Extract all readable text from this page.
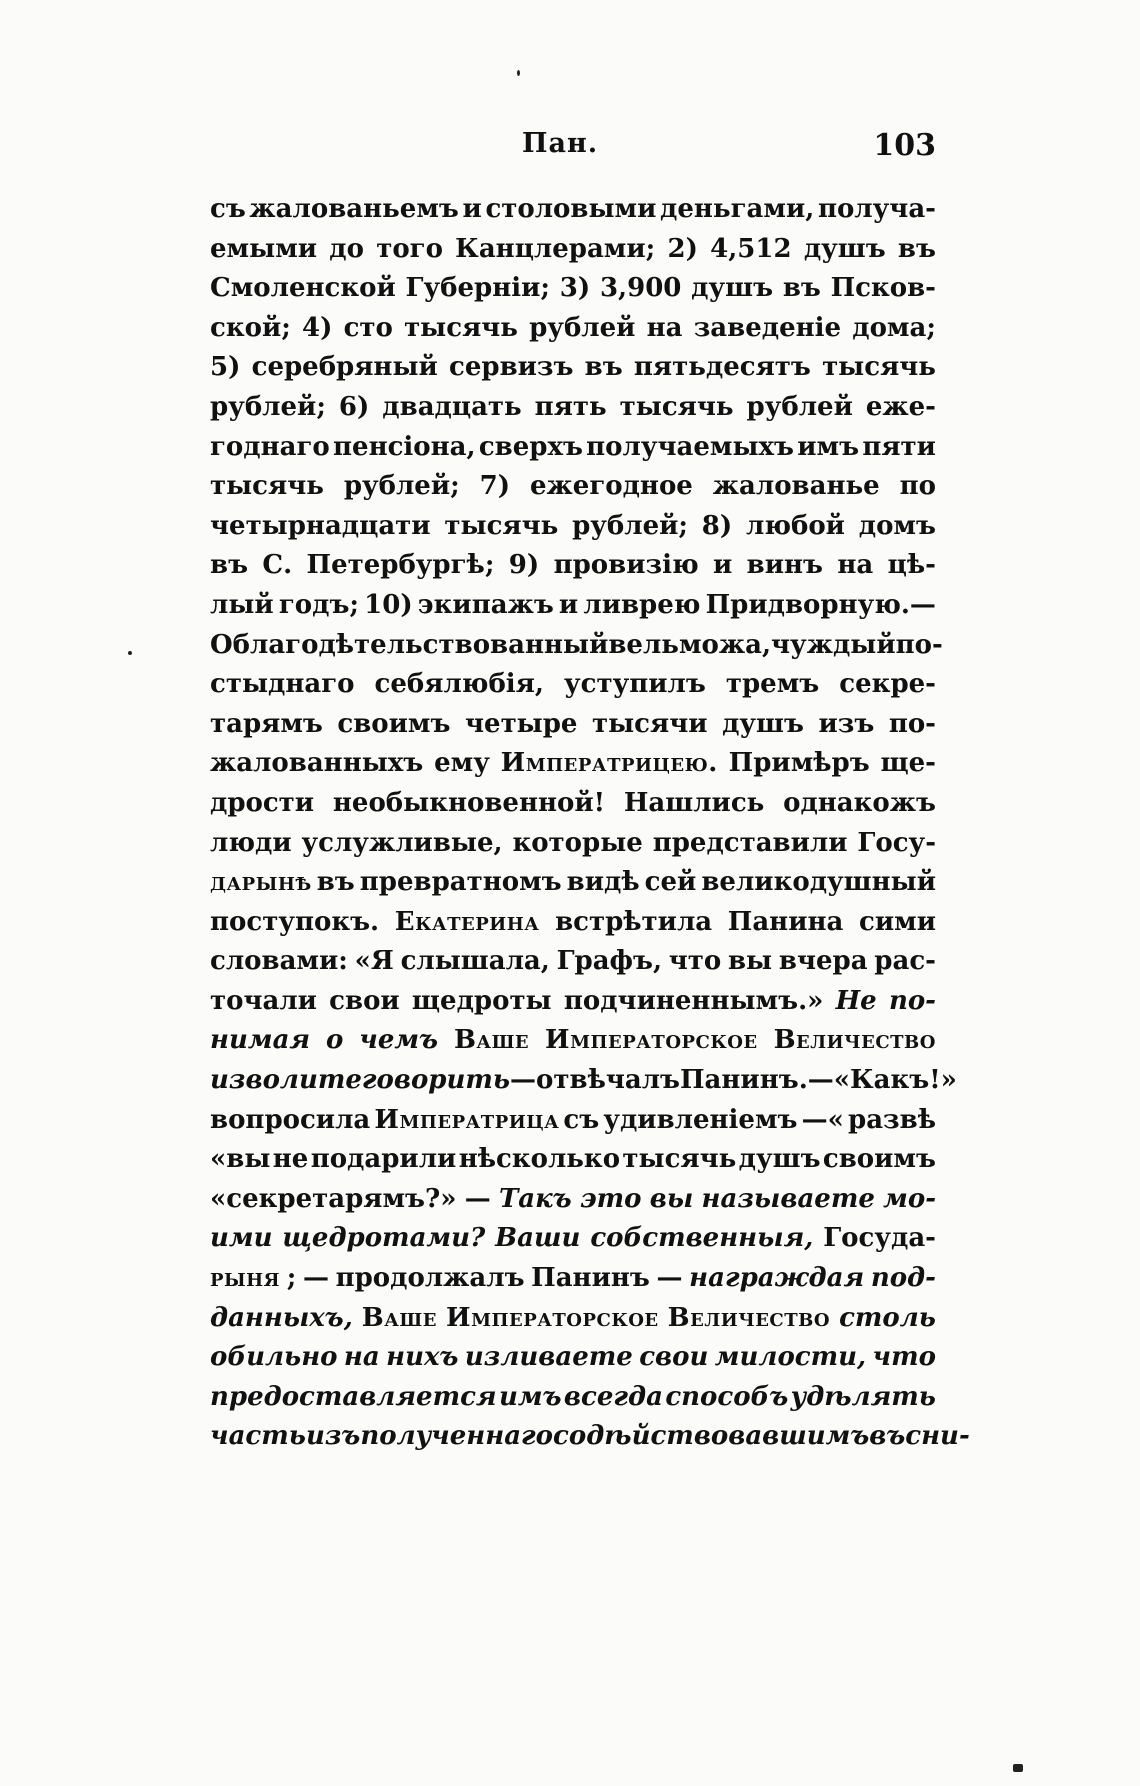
Пан.	103
съ жалованьемъ и столовыми деньгами, получа-
емыми до того Канцлерами; 2) 4,512 душъ въ
Смоленской Губерніи; 3) 3,900 душъ въ Псков-
ской; 4) сто тысячь рублей на заведеніе дома;
5) серебряный сервизъ въ пятьдесятъ тысячь
рублей; 6) двадцать пять тысячь рублей еже-
годнаго пенсіона, сверхъ получаемыхъ имъ пяти
тысячь рублей; 7) ежегодное жалованье по
четырнадцати тысячь рублей; 8) любой домъ
въ С. Петербургѣ; 9) провизію и винъ на цѣ-
лый годъ; 10) экипажъ и ливрею Придворную.—
Облагодѣтельствованный вельможа, чуждый по-
стыднаго себялюбія, уступилъ тремъ секре-
тарямъ своимъ четыре тысячи душъ изъ по-
жалованныхъ ему Императрицею. Примѣръ ще-
дрости необыкновенной! Нашлись однакожъ
люди услужливые, которые представили Госу-
дарынѣ въ превратномъ видѣ сей великодушный
поступокъ. Екатерина встрѣтила Панина сими
словами: «Я слышала, Графъ, что вы вчера рас-
точали свои щедроты подчиненнымъ.» Не по-
нимая о чемъ Ваше Императорское Величество
изволите говорить —отвѣчалъ Панинъ.—«Какъ!»
вопросила Императрица съ удивленіемъ —« развѣ
«вы не подарили нѣсколько тысячь душъ своимъ
«секретарямъ?» — Такъ это вы называете мо-
ими щедротами? Ваши собственныя, Госуда-
рыня ; — продолжалъ Панинъ — награждая под-
данныхъ, Ваше Императорское Величество столь
обильно на нихъ изливаете свои милости, что
предоставляется имъ всегда способъ удѣлять
часть изъ полученнаго содѣйствовавшимъ въ сни-
